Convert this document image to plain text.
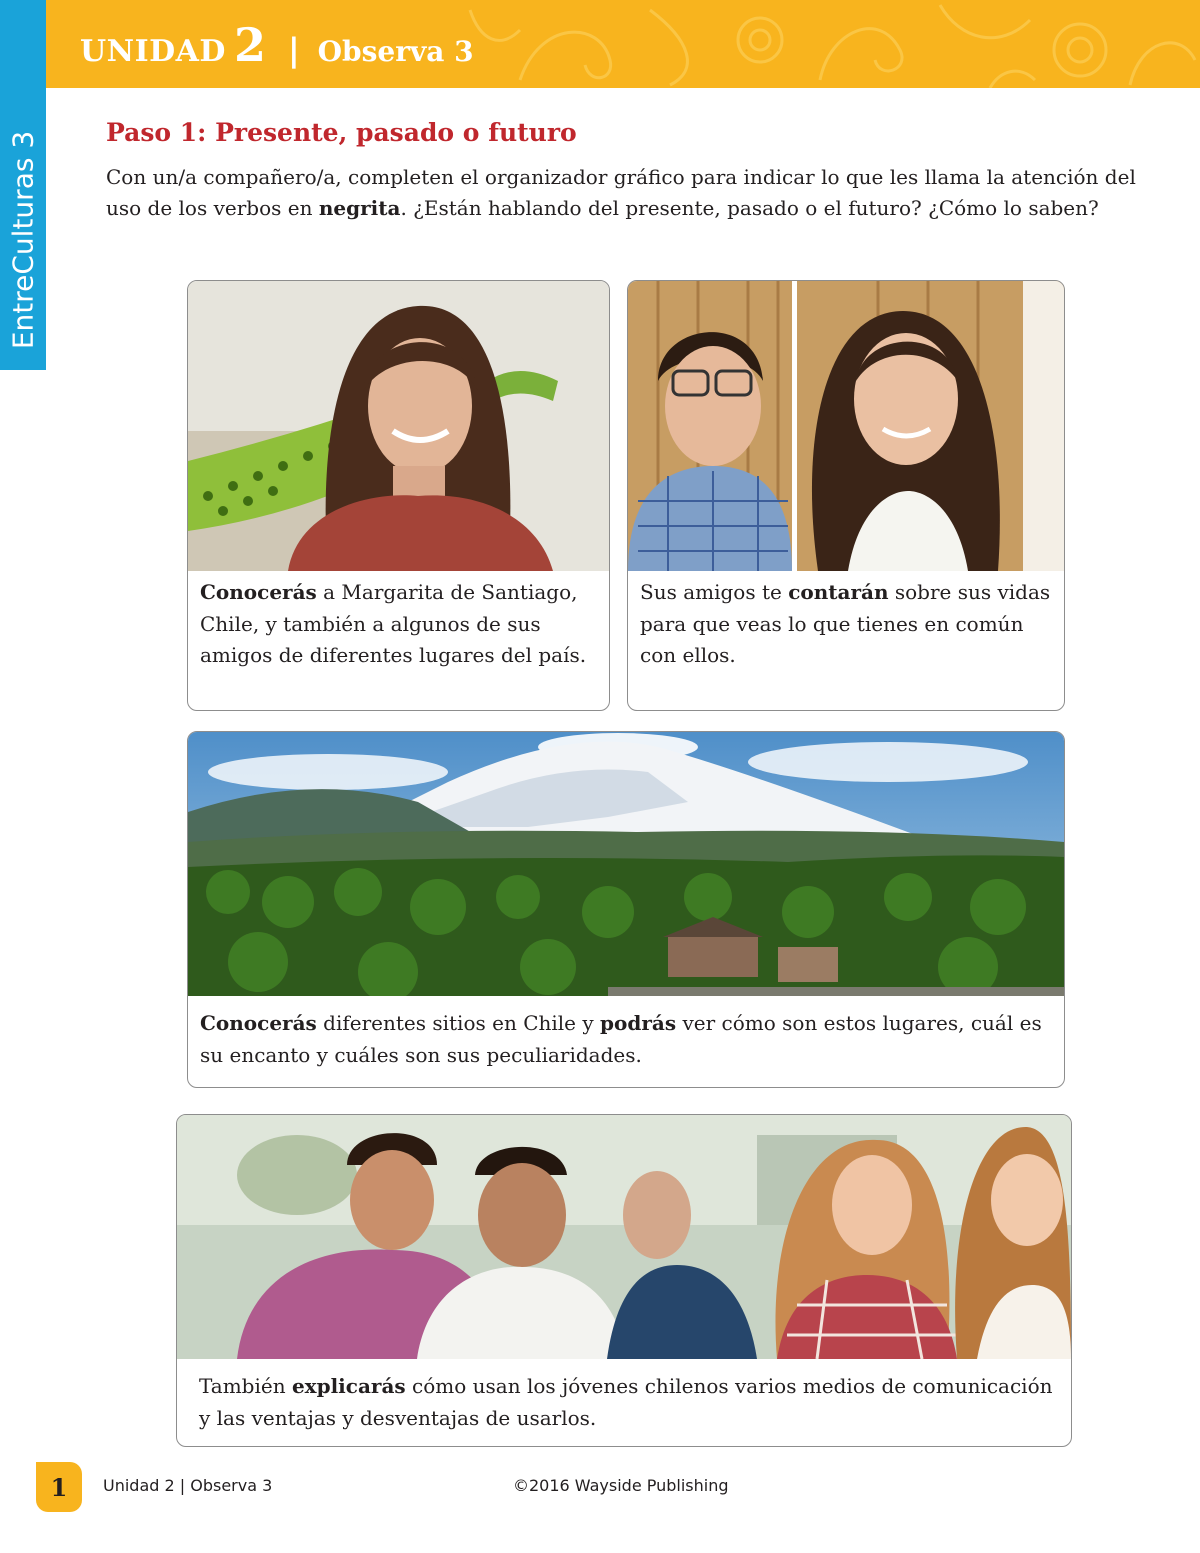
UNIDAD 2 | Observa 3
EntreCulturas 3	Paso 1: Presente, pasado o futuro

Con un/a compañero/a, completen el organizador gráfico para indicar lo que les llama la atención del uso de los verbos en negrita. ¿Están hablando del presente, pasado o el futuro? ¿Cómo lo saben?

Conocerás a Margarita de Santiago, Chile, y también a algunos de sus amigos de diferentes lugares del país.

Sus amigos te contarán sobre sus vidas para que veas lo que tienes en común con ellos.

Conocerás diferentes sitios en Chile y podrás ver cómo son estos lugares, cuál es su encanto y cuáles son sus peculiaridades.

También explicarás cómo usan los jóvenes chilenos varios medios de comunicación y las ventajas y desventajas de usarlos.

1	Unidad 2 | Observa 3	©2016 Wayside Publishing
